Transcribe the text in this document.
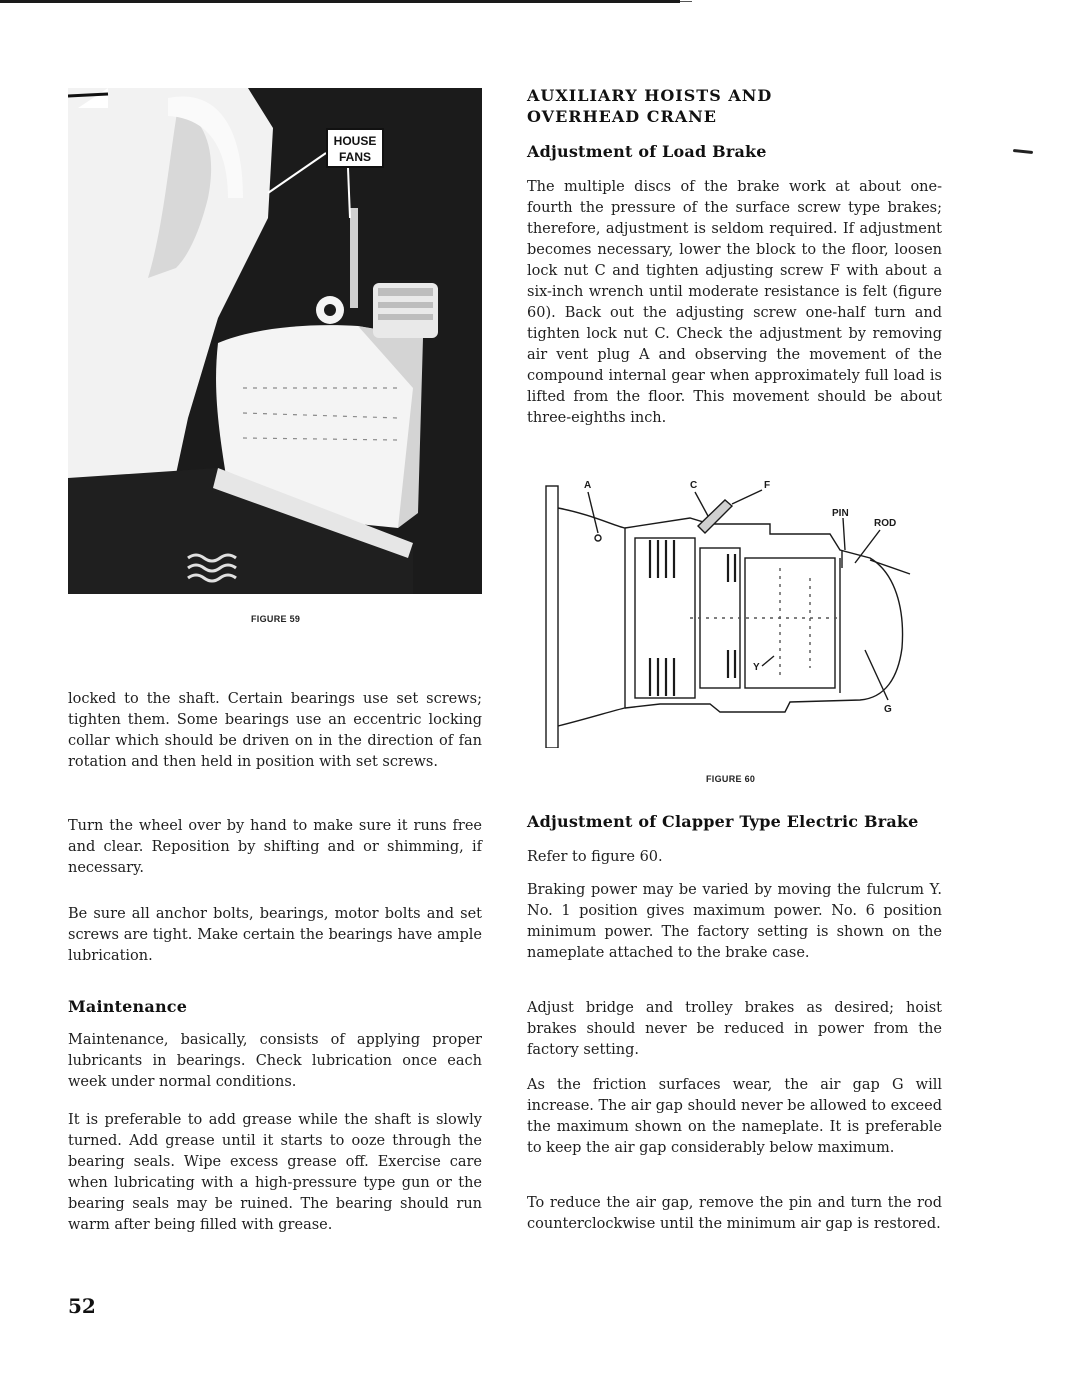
HOUSE
FANS
FIGURE 59

locked to the shaft. Certain bearings use set screws; tighten them. Some bearings use an eccentric locking collar which should be driven on in the direction of fan rotation and then held in position with set screws.

Turn the wheel over by hand to make sure it runs free and clear. Reposition by shifting and or shimming, if necessary.

Be sure all anchor bolts, bearings, motor bolts and set screws are tight. Make certain the bearings have ample lubrication.

Maintenance

Maintenance, basically, consists of applying proper lubricants in bearings. Check lubrication once each week under normal conditions.

It is preferable to add grease while the shaft is slowly turned. Add grease until it starts to ooze through the bearing seals. Wipe excess grease off. Exercise care when lubricating with a high-pressure type gun or the bearing seals may be ruined. The bearing should run warm after being filled with grease.

52
AUXILIARY HOISTS AND
OVERHEAD CRANE
Adjustment of Load Brake

The multiple discs of the brake work at about one-fourth the pressure of the surface screw type brakes; therefore, adjustment is seldom required. If adjustment becomes necessary, lower the block to the floor, loosen lock nut C and tighten adjusting screw F with about a six-inch wrench until moderate resistance is felt (figure 60). Back out the adjusting screw one-half turn and tighten lock nut C. Check the adjustment by removing air vent plug A and observing the movement of the compound internal gear when approximately full load is lifted from the floor. This movement should be about three-eighths inch.

A	C	F
PIN
ROD
Y
G
FIGURE 60
Adjustment of Clapper Type Electric Brake

Refer to figure 60.

Braking power may be varied by moving the fulcrum Y. No. 1 position gives maximum power. No. 6 position minimum power. The factory setting is shown on the nameplate attached to the brake case.

Adjust bridge and trolley brakes as desired; hoist brakes should never be reduced in power from the factory setting.

As the friction surfaces wear, the air gap G will increase. The air gap should never be allowed to exceed the maximum shown on the nameplate. It is preferable to keep the air gap considerably below maximum.

To reduce the air gap, remove the pin and turn the rod counterclockwise until the minimum air gap is restored.
